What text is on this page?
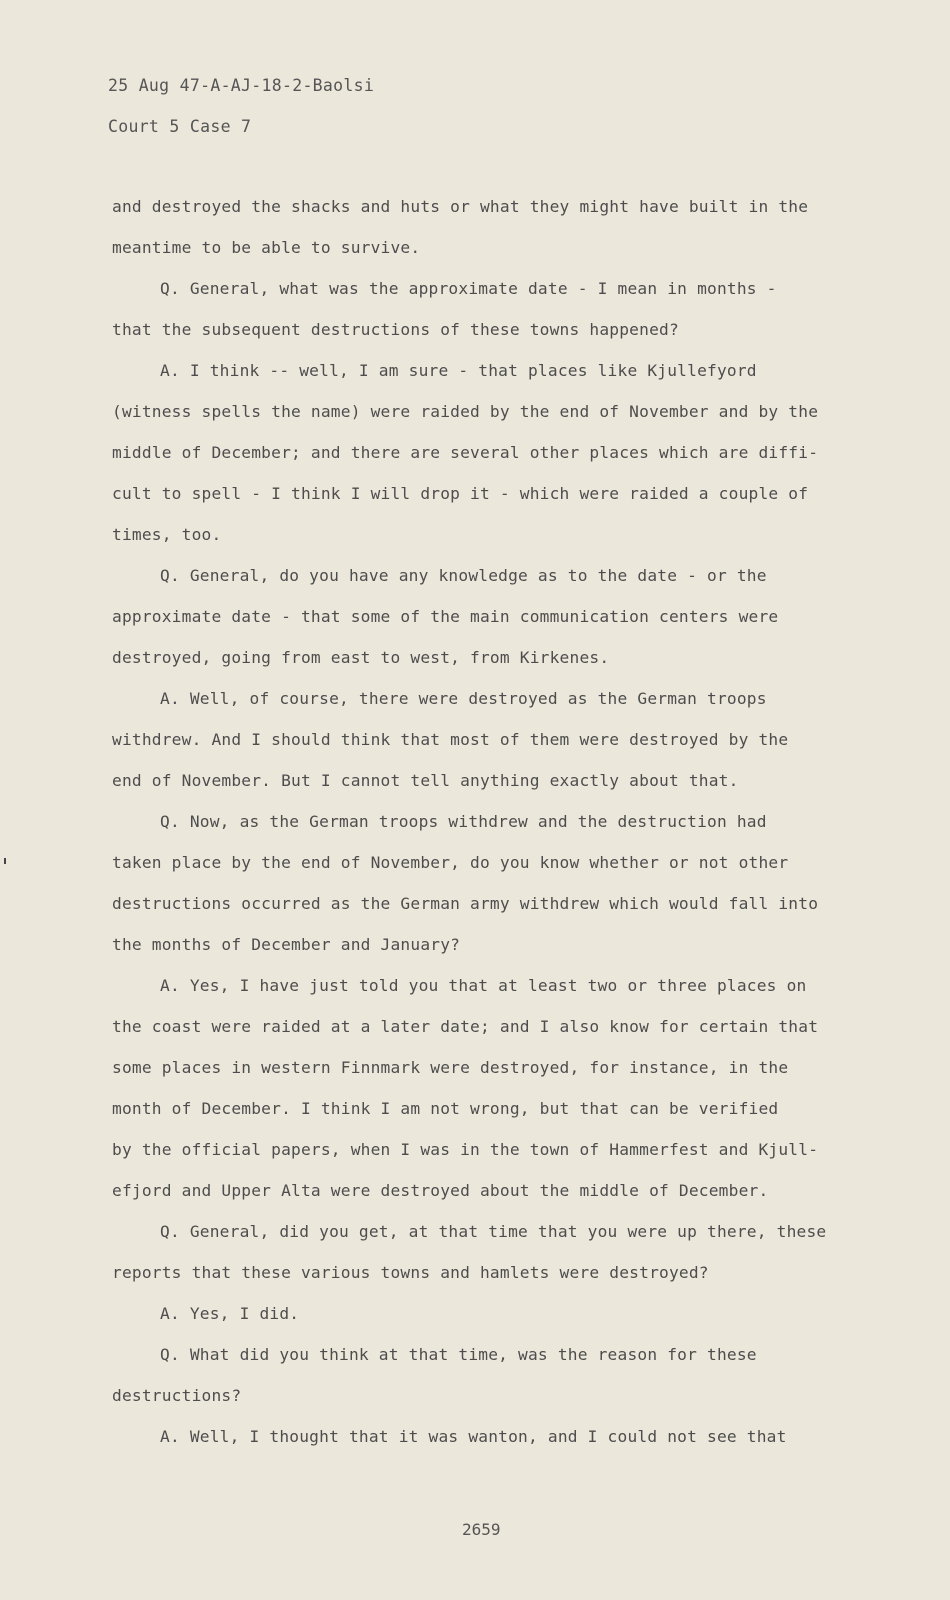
25 Aug 47-A-AJ-18-2-Baolsi
Court 5 Case 7
and destroyed the shacks and huts or what they might have built in the
meantime to be able to survive.
Q. General, what was the approximate date - I mean in months -
that the subsequent destructions of these towns happened?
A. I think -- well, I am sure - that places like Kjullefyord
(witness spells the name) were raided by the end of November and by the
middle of December; and there are several other places which are diffi-
cult to spell - I think I will drop it - which were raided a couple of
times, too.
Q. General, do you have any knowledge as to the date - or the
approximate date - that some of the main communication centers were
destroyed, going from east to west, from Kirkenes.
A. Well, of course, there were destroyed as the German troops
withdrew. And I should think that most of them were destroyed by the
end of November. But I cannot tell anything exactly about that.
Q. Now, as the German troops withdrew and the destruction had
taken place by the end of November, do you know whether or not other
destructions occurred as the German army withdrew which would fall into
the months of December and January?
A. Yes, I have just told you that at least two or three places on
the coast were raided at a later date; and I also know for certain that
some places in western Finnmark were destroyed, for instance, in the
month of December. I think I am not wrong, but that can be verified
by the official papers, when I was in the town of Hammerfest and Kjull-
efjord and Upper Alta were destroyed about the middle of December.
Q. General, did you get, at that time that you were up there, these
reports that these various towns and hamlets were destroyed?
A. Yes, I did.
Q. What did you think at that time, was the reason for these
destructions?
A. Well, I thought that it was wanton, and I could not see that
2659
